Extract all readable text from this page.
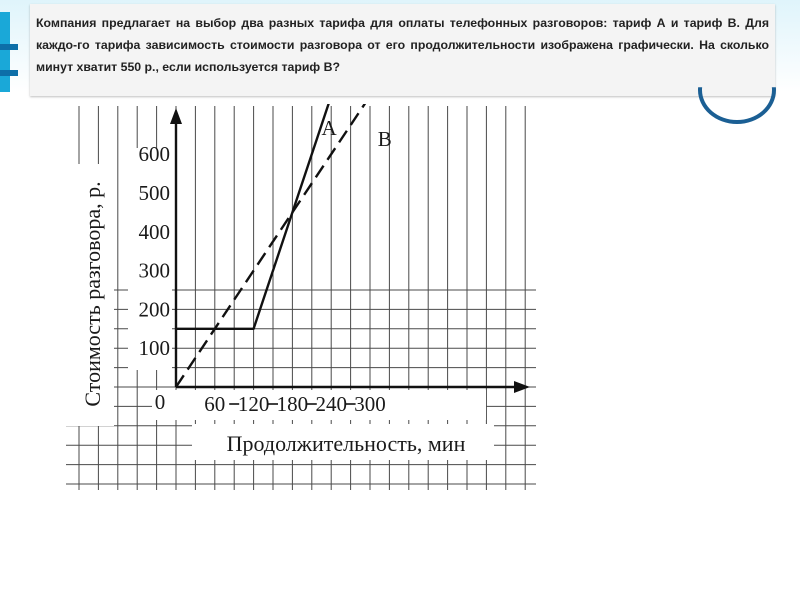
Компания предлагает на выбор два разных тарифа для оплаты телефонных разговоров: тариф А и тариф В. Для каждо-го тарифа зависимость стоимости разговора от его продолжительности изображена графически. На сколько минут хватит 550 р., если используется тариф В?

А В
100
200
300
400
500
600
0 60 120 180 240 300
Продолжительность, мин
Стоимость разговора, р.
